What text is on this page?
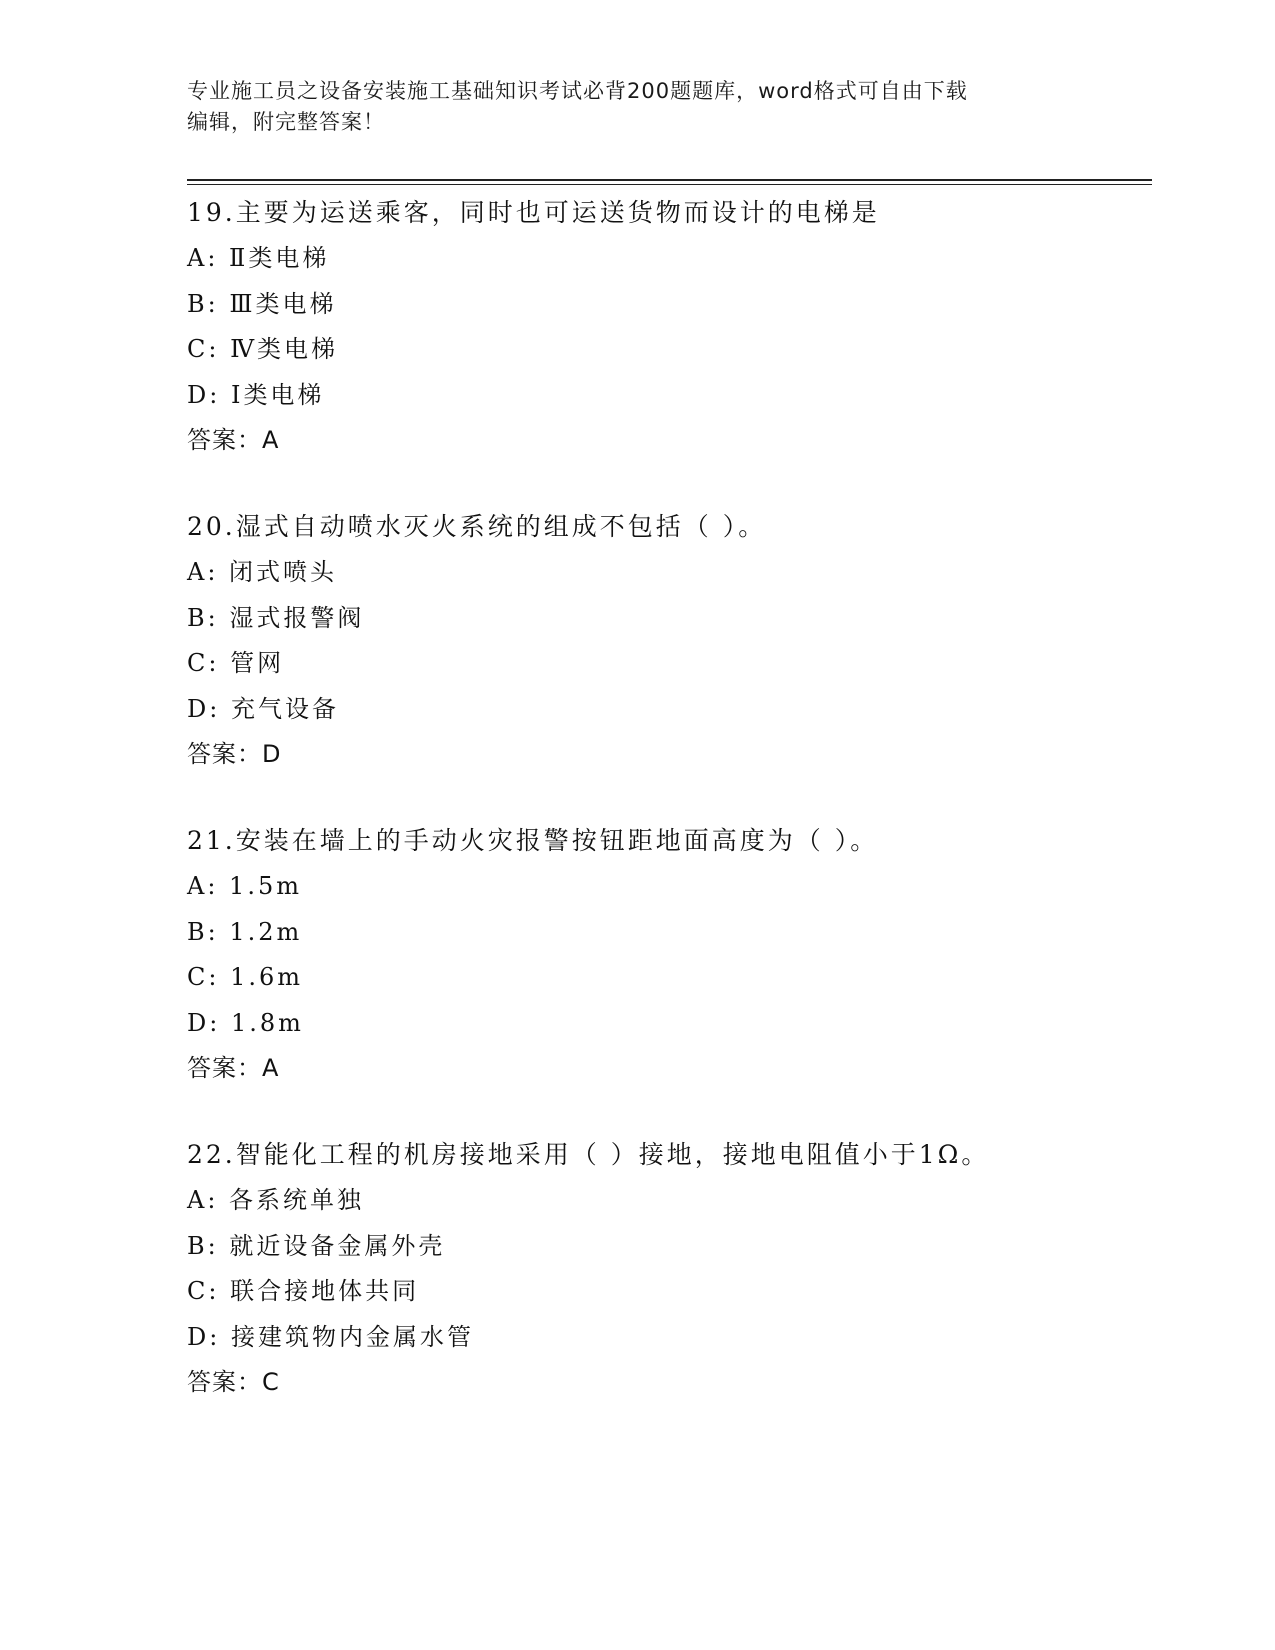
专业施工员之设备安装施工基础知识考试必背200题题库，word格式可自由下载
编辑，附完整答案！
19.主要为运送乘客，同时也可运送货物而设计的电梯是
A: Ⅱ类电梯
B: Ⅲ类电梯
C: Ⅳ类电梯
D: Ⅰ类电梯
答案：A
20.湿式自动喷水灭火系统的组成不包括（ ）。
A: 闭式喷头
B: 湿式报警阀
C: 管网
D: 充气设备
答案：D
21.安装在墙上的手动火灾报警按钮距地面高度为（ ）。
A: 1.5m
B: 1.2m
C: 1.6m
D: 1.8m
答案：A
22.智能化工程的机房接地采用（ ）接地，接地电阻值小于1Ω。
A: 各系统单独
B: 就近设备金属外壳
C: 联合接地体共同
D: 接建筑物内金属水管
答案：C
